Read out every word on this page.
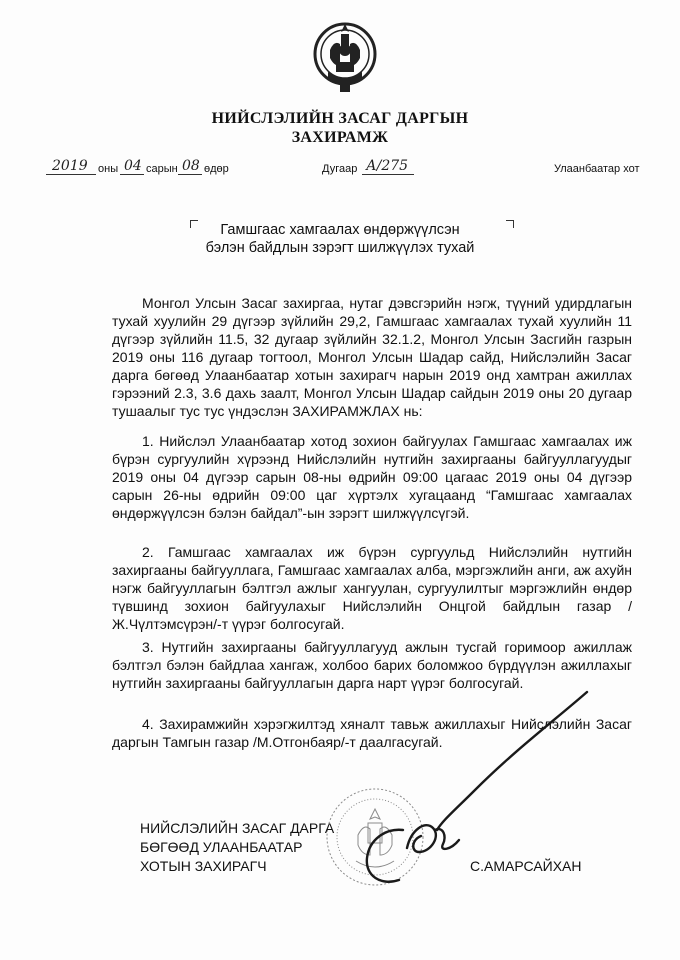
НИЙСЛЭЛИЙН ЗАСАГ ДАРГЫН
ЗАХИРАМЖ
2019 оны 04 сарын 08 өдөр	Дугаар А/275	Улаанбаатар хот
Гамшгаас хамгаалах өндөржүүлсэн
бэлэн байдлын зэрэгт шилжүүлэх тухай
Монгол Улсын Засаг захиргаа, нутаг дэвсгэрийн нэгж, түүний удирдлагын тухай хуулийн 29 дүгээр зүйлийн 29,2, Гамшгаас хамгаалах тухай хуулийн 11 дүгээр зүйлийн 11.5, 32 дугаар зүйлийн 32.1.2, Монгол Улсын Засгийн газрын 2019 оны 116 дугаар тогтоол, Монгол Улсын Шадар сайд, Нийслэлийн Засаг дарга бөгөөд Улаанбаатар хотын захирагч нарын 2019 онд хамтран ажиллах гэрээний 2.3, 3.6 дахь заалт, Монгол Улсын Шадар сайдын 2019 оны 20 дугаар тушаалыг тус тус үндэслэн ЗАХИРАМЖЛАХ нь:
1. Нийслэл Улаанбаатар хотод зохион байгуулах Гамшгаас хамгаалах иж бүрэн сургуулийн хүрээнд Нийслэлийн нутгийн захиргааны байгууллагуудыг 2019 оны 04 дүгээр сарын 08-ны өдрийн 09:00 цагаас 2019 оны 04 дүгээр сарын 26-ны өдрийн 09:00 цаг хүртэлх хугацаанд “Гамшгаас хамгаалах өндөржүүлсэн бэлэн байдал”-ын зэрэгт шилжүүлсүгэй.
2. Гамшгаас хамгаалах иж бүрэн сургуульд Нийслэлийн нутгийн захиргааны байгууллага, Гамшгаас хамгаалах алба, мэргэжлийн анги, аж ахуйн нэгж байгууллагын бэлтгэл ажлыг хангуулан, сургуулилтыг мэргэжлийн өндөр түвшинд зохион байгуулахыг Нийслэлийн Онцгой байдлын газар /Ж.Чүлтэмсүрэн/-т үүрэг болгосугай.
3. Нутгийн захиргааны байгууллагууд ажлын тусгай горимоор ажиллаж бэлтгэл бэлэн байдлаа хангаж, холбоо барих боломжоо бүрдүүлэн ажиллахыг нутгийн захиргааны байгууллагын дарга нарт үүрэг болгосугай.
4. Захирамжийн хэрэгжилтэд хяналт тавьж ажиллахыг Нийслэлийн Засаг даргын Тамгын газар /М.Отгонбаяр/-т даалгасугай.
НИЙСЛЭЛИЙН ЗАСАГ ДАРГА
БӨГӨӨД УЛААНБААТАР
ХОТЫН ЗАХИРАГЧ	С.АМАРСАЙХАН
